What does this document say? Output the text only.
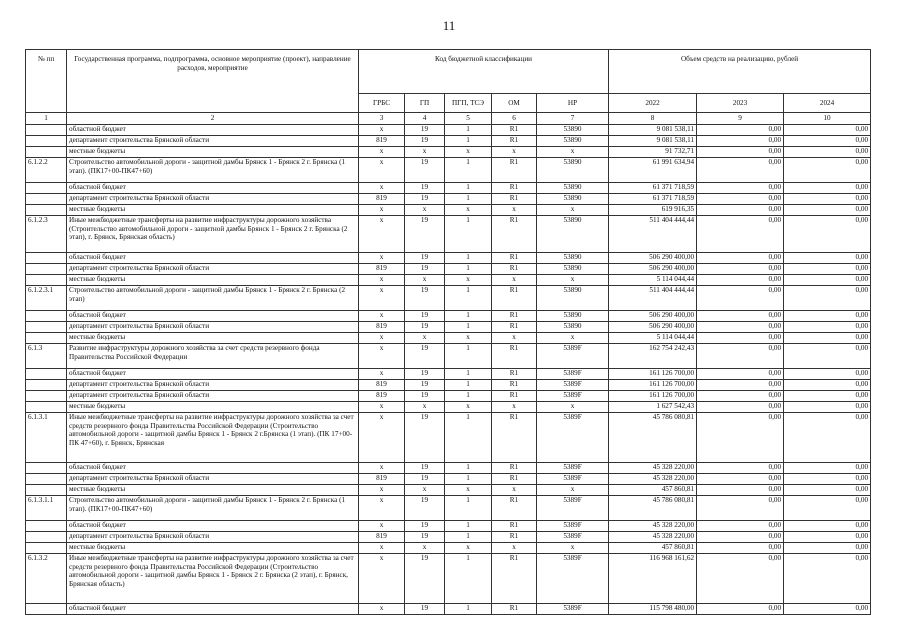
11
№ пп	Государственная программа, подпрограмма, основное мероприятие (проект), направление расходов, мероприятие	Код бюджетной классификации					Объем средств на реализацию, рублей		
		ГРБС	ГП	ПГП, ТСЭ	ОМ	НР	2022	2023	2024
1	2	3	4	5	6	7	8	9	10
	областной бюджет	x	19	1	R1	53890	9 081 538,11	0,00	0,00
	департамент строительства Брянской области	819	19	1	R1	53890	9 081 538,11	0,00	0,00
	местные бюджеты	x	x	x	x	x	91 732,71	0,00	0,00
6.1.2.2	Строительство автомобильной дороги - защитной дамбы Брянск 1 - Брянск 2 г. Брянска (1 этап). (ПК17+00-ПК47+60)	x	19	1	R1	53890	61 991 634,94	0,00	0,00
	областной бюджет	x	19	1	R1	53890	61 371 718,59	0,00	0,00
	департамент строительства Брянской области	819	19	1	R1	53890	61 371 718,59	0,00	0,00
	местные бюджеты	x	x	x	x	x	619 916,35	0,00	0,00
6.1.2.3	Иные межбюджетные трансферты на развитие инфраструктуры дорожного хозяйства (Строительство автомобильной дороги - защитной дамбы Брянск 1 - Брянск 2 г. Брянска (2 этап), г. Брянск, Брянская область)	x	19	1	R1	53890	511 404 444,44	0,00	0,00
	областной бюджет	x	19	1	R1	53890	506 290 400,00	0,00	0,00
	департамент строительства Брянской области	819	19	1	R1	53890	506 290 400,00	0,00	0,00
	местные бюджеты	x	x	x	x	x	5 114 044,44	0,00	0,00
6.1.2.3.1	Строительство автомобильной дороги - защитной дамбы Брянск 1 - Брянск 2 г. Брянска (2 этап)	x	19	1	R1	53890	511 404 444,44	0,00	0,00
	областной бюджет	x	19	1	R1	53890	506 290 400,00	0,00	0,00
	департамент строительства Брянской области	819	19	1	R1	53890	506 290 400,00	0,00	0,00
	местные бюджеты	x	x	x	x	x	5 114 044,44	0,00	0,00
6.1.3	Развитие инфраструктуры дорожного хозяйства за счет средств резервного фонда Правительства Российской Федерации	x	19	1	R1	5389F	162 754 242,43	0,00	0,00
	областной бюджет	x	19	1	R1	5389F	161 126 700,00	0,00	0,00
	департамент строительства Брянской области	819	19	1	R1	5389F	161 126 700,00	0,00	0,00
	департамент строительства Брянской области	819	19	1	R1	5389F	161 126 700,00	0,00	0,00
	местные бюджеты	x	x	x	x	x	1 627 542,43	0,00	0,00
6.1.3.1	Иные межбюджетные трансферты на развитие инфраструктуры дорожного хозяйства за счет средств резервного фонда Правительства Российской Федерации (Строительство автомобильной дороги - защитной дамбы Брянск 1 - Брянск 2 г.Брянска (1 этап). (ПК 17+00-ПК 47+60), г. Брянск, Брянская	x	19	1	R1	5389F	45 786 080,81	0,00	0,00
	областной бюджет	x	19	1	R1	5389F	45 328 220,00	0,00	0,00
	департамент строительства Брянской области	819	19	1	R1	5389F	45 328 220,00	0,00	0,00
	местные бюджеты	x	x	x	x	x	457 860,81	0,00	0,00
6.1.3.1.1	Строительство автомобильной дороги - защитной дамбы Брянск 1 - Брянск 2 г. Брянска (1 этап). (ПК17+00-ПК47+60)	x	19	1	R1	5389F	45 786 080,81	0,00	0,00
	областной бюджет	x	19	1	R1	5389F	45 328 220,00	0,00	0,00
	департамент строительства Брянской области	819	19	1	R1	5389F	45 328 220,00	0,00	0,00
	местные бюджеты	x	x	x	x	x	457 860,81	0,00	0,00
6.1.3.2	Иные межбюджетные трансферты на развитие инфраструктуры дорожного хозяйства за счет средств резервного фонда Правительства Российской Федерации (Строительство автомобильной дороги - защитной дамбы Брянск 1 - Брянск 2 г. Брянска (2 этап), г. Брянск, Брянская область)	x	19	1	R1	5389F	116 968 161,62	0,00	0,00
	областной бюджет	x	19	1	R1	5389F	115 798 480,00	0,00	0,00
